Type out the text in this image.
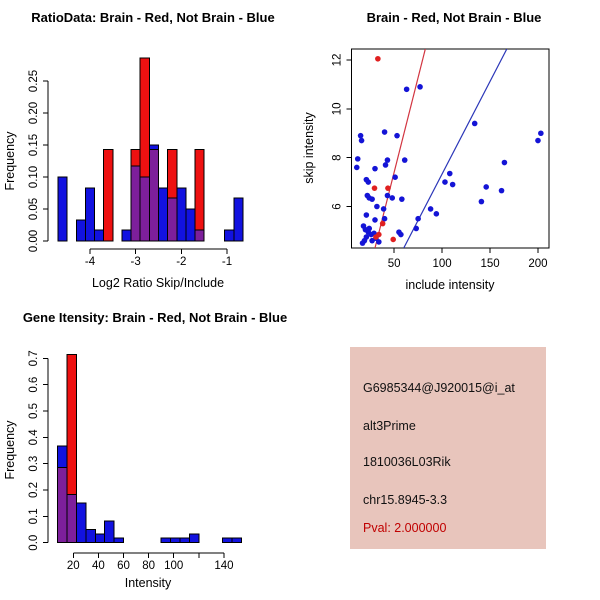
RatioData: Brain - Red, Not Brain - Blue
Log2 Ratio Skip/Include
Frequency
0.00
0.05
0.10
0.15
0.20
0.25
-4	-3	-2	-1
Brain - Red, Not Brain - Blue
include intensity
skip intensity
50	100 150 200
6
8
10
12
Gene Itensity: Brain - Red, Not Brain - Blue
Intensity
Frequency
0.0
0.1
0.2
0.3
0.4
0.5
0.6
0.7
20 40 60 80 100	140
G6985344@J920015@i_at
alt3Prime
1810036L03Rik
chr15.8945-3.3
Pval: 2.000000
